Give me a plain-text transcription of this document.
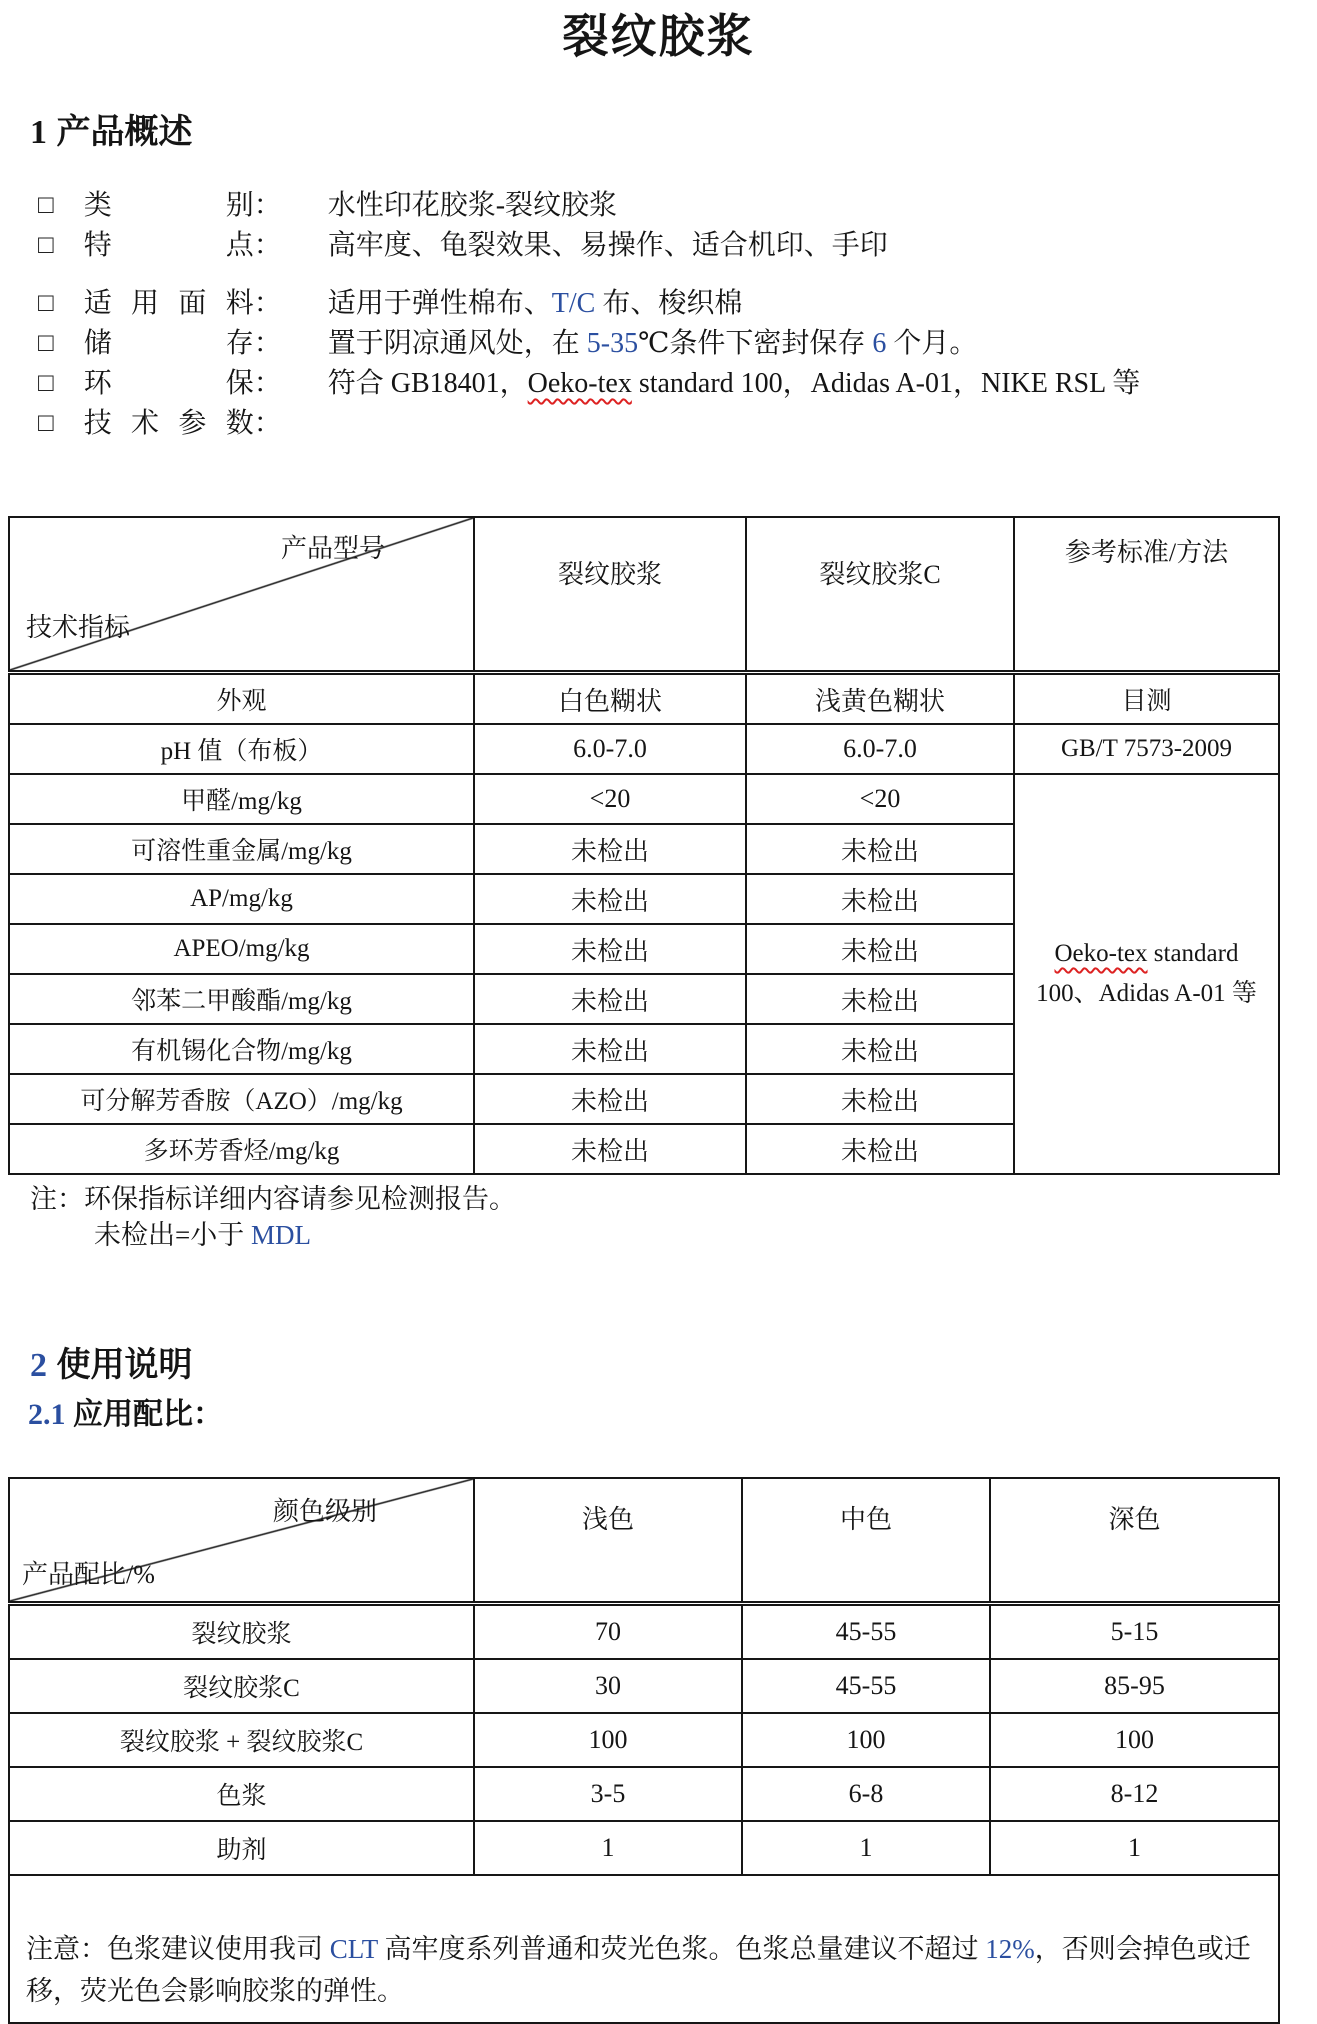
裂纹胶浆
1 产品概述
□ 类 别： 水性印花胶浆-裂纹胶浆
□ 特 点： 高牢度、龟裂效果、易操作、适合机印、手印
□ 适 用 面 料： 适用于弹性棉布、T/C 布、梭织棉
□ 储 存： 置于阴凉通风处，在 5-35℃条件下密封保存 6 个月。
□ 环 保： 符合 GB18401，Oeko-tex standard 100，Adidas A-01，NIKE RSL 等
□ 技 术 参 数：
产品型号
技术指标	裂纹胶浆	裂纹胶浆C	参考标准/方法
外观	白色糊状	浅黄色糊状	目测
pH 值（布板）	6.0-7.0	6.0-7.0	GB/T 7573-2009
甲醛/mg/kg	<20	<20	Oeko-tex standard 100、Adidas A-01 等
可溶性重金属/mg/kg	未检出	未检出	
AP/mg/kg	未检出	未检出	
APEO/mg/kg	未检出	未检出	
邻苯二甲酸酯/mg/kg	未检出	未检出	
有机锡化合物/mg/kg	未检出	未检出	
可分解芳香胺（AZO）/mg/kg	未检出	未检出	
多环芳香烃/mg/kg	未检出	未检出	
注：环保指标详细内容请参见检测报告。
未检出=小于 MDL
2 使用说明
2.1 应用配比：
颜色级别
产品配比/%	浅色	中色	深色
裂纹胶浆	70	45-55	5-15
裂纹胶浆C	30	45-55	85-95
裂纹胶浆 + 裂纹胶浆C	100	100	100
色浆	3-5	6-8	8-12
助剂	1	1	1
注意：色浆建议使用我司 CLT 高牢度系列普通和荧光色浆。色浆总量建议不超过 12%，否则会掉色或迁移，荧光色会影响胶浆的弹性。			
